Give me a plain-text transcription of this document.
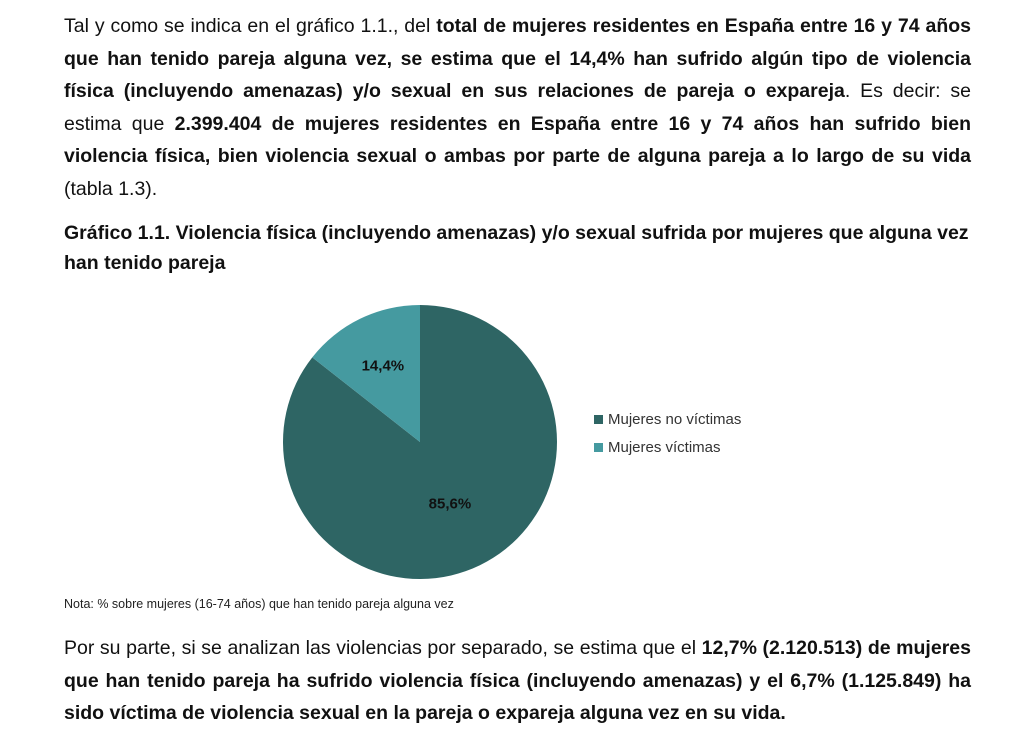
Tal y como se indica en el gráfico 1.1., del total de mujeres residentes en España entre 16 y 74 años que han tenido pareja alguna vez, se estima que el 14,4% han sufrido algún tipo de violencia física (incluyendo amenazas) y/o sexual en sus relaciones de pareja o expareja. Es decir: se estima que 2.399.404 de mujeres residentes en España entre 16 y 74 años han sufrido bien violencia física, bien violencia sexual o ambas por parte de alguna pareja a lo largo de su vida (tabla 1.3).

Gráfico 1.1. Violencia física (incluyendo amenazas) y/o sexual sufrida por mujeres que alguna vez han tenido pareja

85,6%
14,4%
Mujeres no víctimas
Mujeres víctimas

Nota: % sobre mujeres (16-74 años) que han tenido pareja alguna vez

Por su parte, si se analizan las violencias por separado, se estima que el 12,7% (2.120.513) de mujeres que han tenido pareja ha sufrido violencia física (incluyendo amenazas) y el 6,7% (1.125.849) ha sido víctima de violencia sexual en la pareja o expareja alguna vez en su vida.
